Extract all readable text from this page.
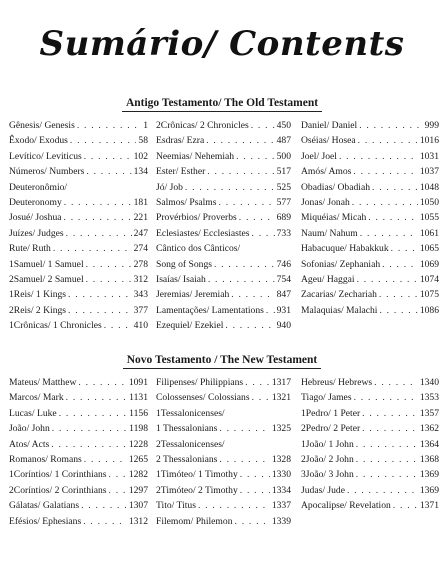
Sumário/ Contents
Antigo Testamento/ The Old Testament
Gênesis/ Genesis . . .	1
Êxodo/ Exodus . . .	58
Levítico/ Leviticus . . .	102
Números/ Numbers . . .	134
Deuteronômio/
Deuteronomy . . .	181
Josué/ Joshua . . .	221
Juízes/ Judges . . .	247
Rute/ Ruth . . .	274
1Samuel/ 1 Samuel . . .	278
2Samuel/ 2 Samuel . . .	312
1Reis/ 1 Kings . . .	343
2Reis/ 2 Kings . . .	377
1Crônicas/ 1 Chronicles . . .	410
2Crônicas/ 2 Chronicles . . .	450
Esdras/ Ezra . . .	487
Neemias/ Nehemiah . . .	500
Ester/ Esther . . .	517
Jó/ Job . . .	525
Salmos/ Psalms . . .	577
Provérbios/ Proverbs . . .	689
Eclesiastes/ Ecclesiastes . . .	733
Cântico dos Cânticos/
Song of Songs . . .	746
Isaías/ Isaiah . . .	754
Jeremias/ Jeremiah . . .	847
Lamentações/ Lamentations . . . 931
Ezequiel/ Ezekiel . . .	940
Daniel/ Daniel . . .	999
Oséias/ Hosea . . .	1016
Joel/ Joel . . .	1031
Amós/ Amos . . .	1037
Obadias/ Obadiah . . .	1048
Jonas/ Jonah . . .	1050
Miquéias/ Micah . . .	1055
Naum/ Nahum . . .	1061
Habacuque/ Habakkuk . . .	1065
Sofonias/ Zephaniah . . .	1069
Ageu/ Haggai . . .	1074
Zacarias/ Zechariah . . .	1075
Malaquias/ Malachi . . .	1086
Novo Testamento / The New Testament
Mateus/ Matthew . . .	1091
Marcos/ Mark . . .	1131
Lucas/ Luke . . .	1156
João/ John . . .	1198
Atos/ Acts . . .	1228
Romanos/ Romans . . .	1265
1Coríntios/ 1 Corinthians . . . 1282
2Coríntios/ 2 Corinthians . . . 1297
Gálatas/ Galatians . . .	1307
Efésios/ Ephesians . . .	1312
Filipenses/ Philippians . . .	1317
Colossenses/ Colossians . . . 1321
1Tessalonicenses/
1 Thessalonians . . .	1325
2Tessalonicenses/
2 Thessalonians . . .	1328
1Timóteo/ 1 Timothy . . .	1330
2Timóteo/ 2 Timothy . . .	1334
Tito/ Titus . . .	1337
Filemom/ Philemon . . .	1339
Hebreus/ Hebrews . . .	1340
Tiago/ James . . .	1353
1Pedro/ 1 Peter . . .	1357
2Pedro/ 2 Peter . . .	1362
1João/ 1 John . . .	1364
2João/ 2 John . . .	1368
3João/ 3 John . . .	1369
Judas/ Jude . . .	1369
Apocalipse/ Revelation . . .	1371
